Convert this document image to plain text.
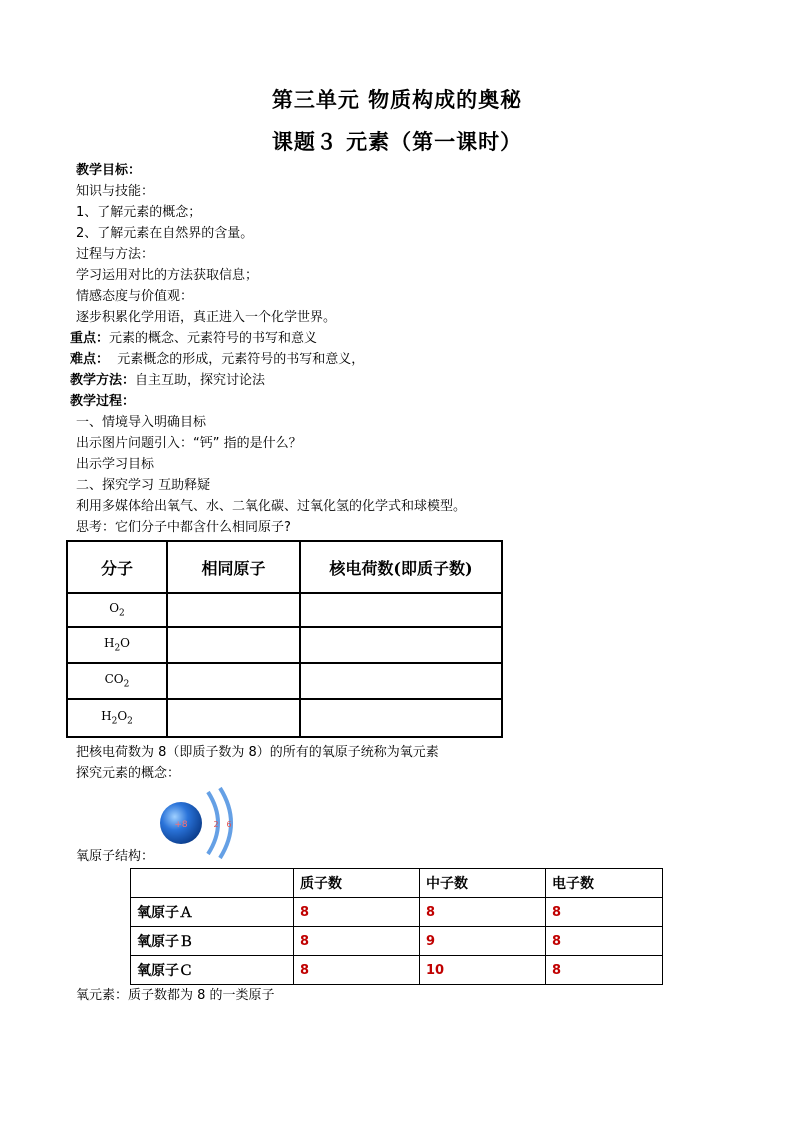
第三单元 物质构成的奥秘
课题３ 元素（第一课时）

教学目标：

知识与技能：

1、了解元素的概念；

2、了解元素在自然界的含量。

过程与方法：

学习运用对比的方法获取信息；

情感态度与价值观：

逐步积累化学用语，真正进入一个化学世界。

重点：元素的概念、元素符号的书写和意义

难点：  元素概念的形成，元素符号的书写和意义，

教学方法：自主互助，探究讨论法

教学过程：

一、情境导入明确目标

出示图片问题引入：“钙” 指的是什么？

出示学习目标

二、探究学习 互助释疑

利用多媒体给出氧气、水、二氧化碳、过氧化氢的化学式和球模型。

思考：它们分子中都含什么相同原子?

分子	相同原子	核电荷数(即质子数)
$O_2$		
$H_2O$		
$CO_2$		
$H_2O_2$		

把核电荷数为 8（即质子数为 8）的所有的氧原子统称为氧元素

探究元素的概念：

+8	2 6

氧原子结构：

	质子数	中子数	电子数
氧原子Ａ	8	8	8
氧原子Ｂ	8	9	8
氧原子Ｃ	8	10	8

氧元素：质子数都为 8 的一类原子
